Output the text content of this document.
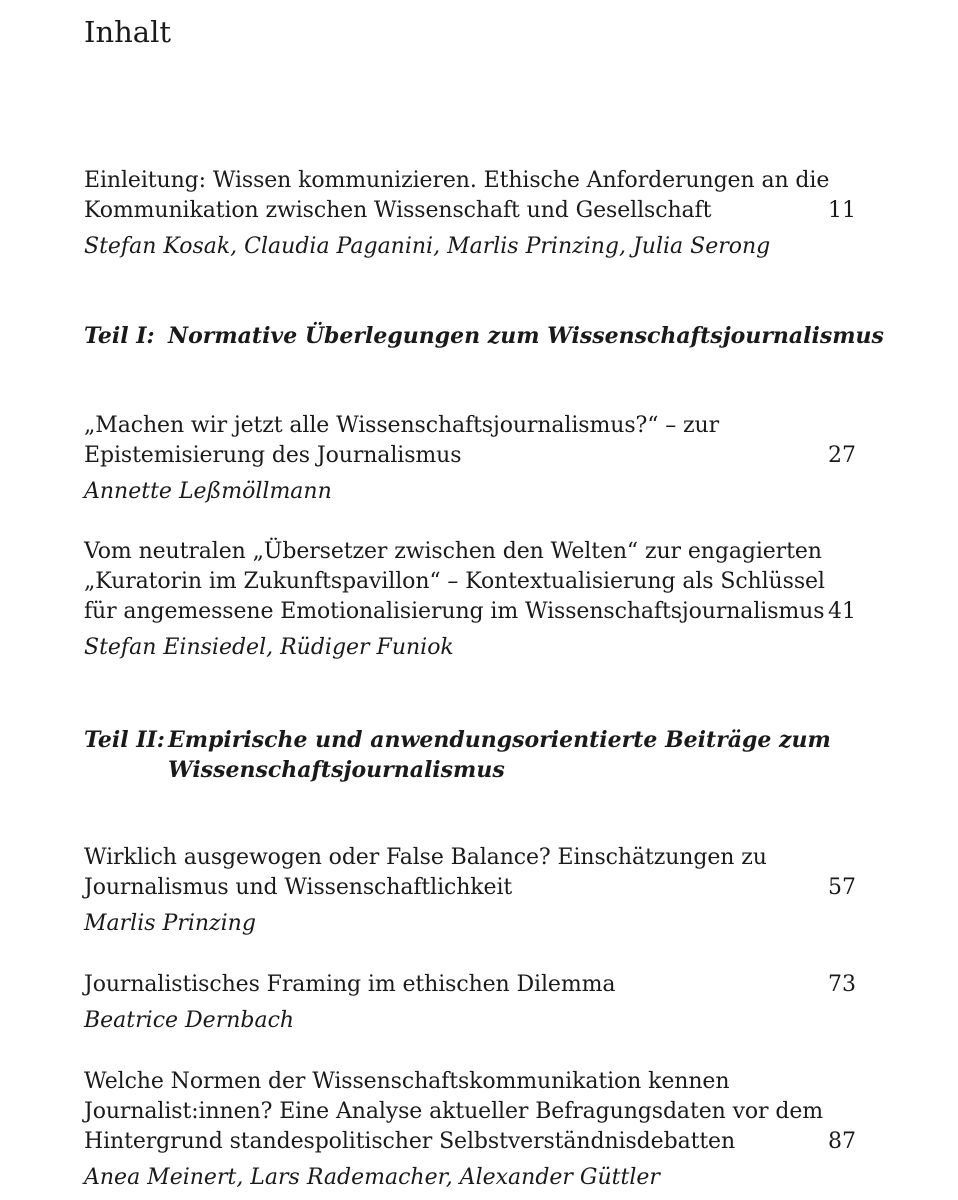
Inhalt
Einleitung: Wissen kommunizieren. Ethische Anforderungen an die
Kommunikation zwischen Wissenschaft und Gesellschaft	11
Stefan Kosak, Claudia Paganini, Marlis Prinzing, Julia Serong
Teil I: Normative Überlegungen zum Wissenschaftsjournalismus
„Machen wir jetzt alle Wissenschaftsjournalismus?“ – zur
Epistemisierung des Journalismus	27
Annette Leßmöllmann
Vom neutralen „Übersetzer zwischen den Welten“ zur engagierten
„Kuratorin im Zukunftspavillon“ – Kontextualisierung als Schlüssel
für angemessene Emotionalisierung im Wissenschaftsjournalismus 41
Stefan Einsiedel, Rüdiger Funiok
Teil II: Empirische und anwendungsorientierte Beiträge zum
Wissenschaftsjournalismus
Wirklich ausgewogen oder False Balance? Einschätzungen zu
Journalismus und Wissenschaftlichkeit	57
Marlis Prinzing
Journalistisches Framing im ethischen Dilemma	73
Beatrice Dernbach
Welche Normen der Wissenschaftskommunikation kennen
Journalist:innen? Eine Analyse aktueller Befragungsdaten vor dem
Hintergrund standespolitischer Selbstverständnisdebatten	87
Anea Meinert, Lars Rademacher, Alexander Güttler
